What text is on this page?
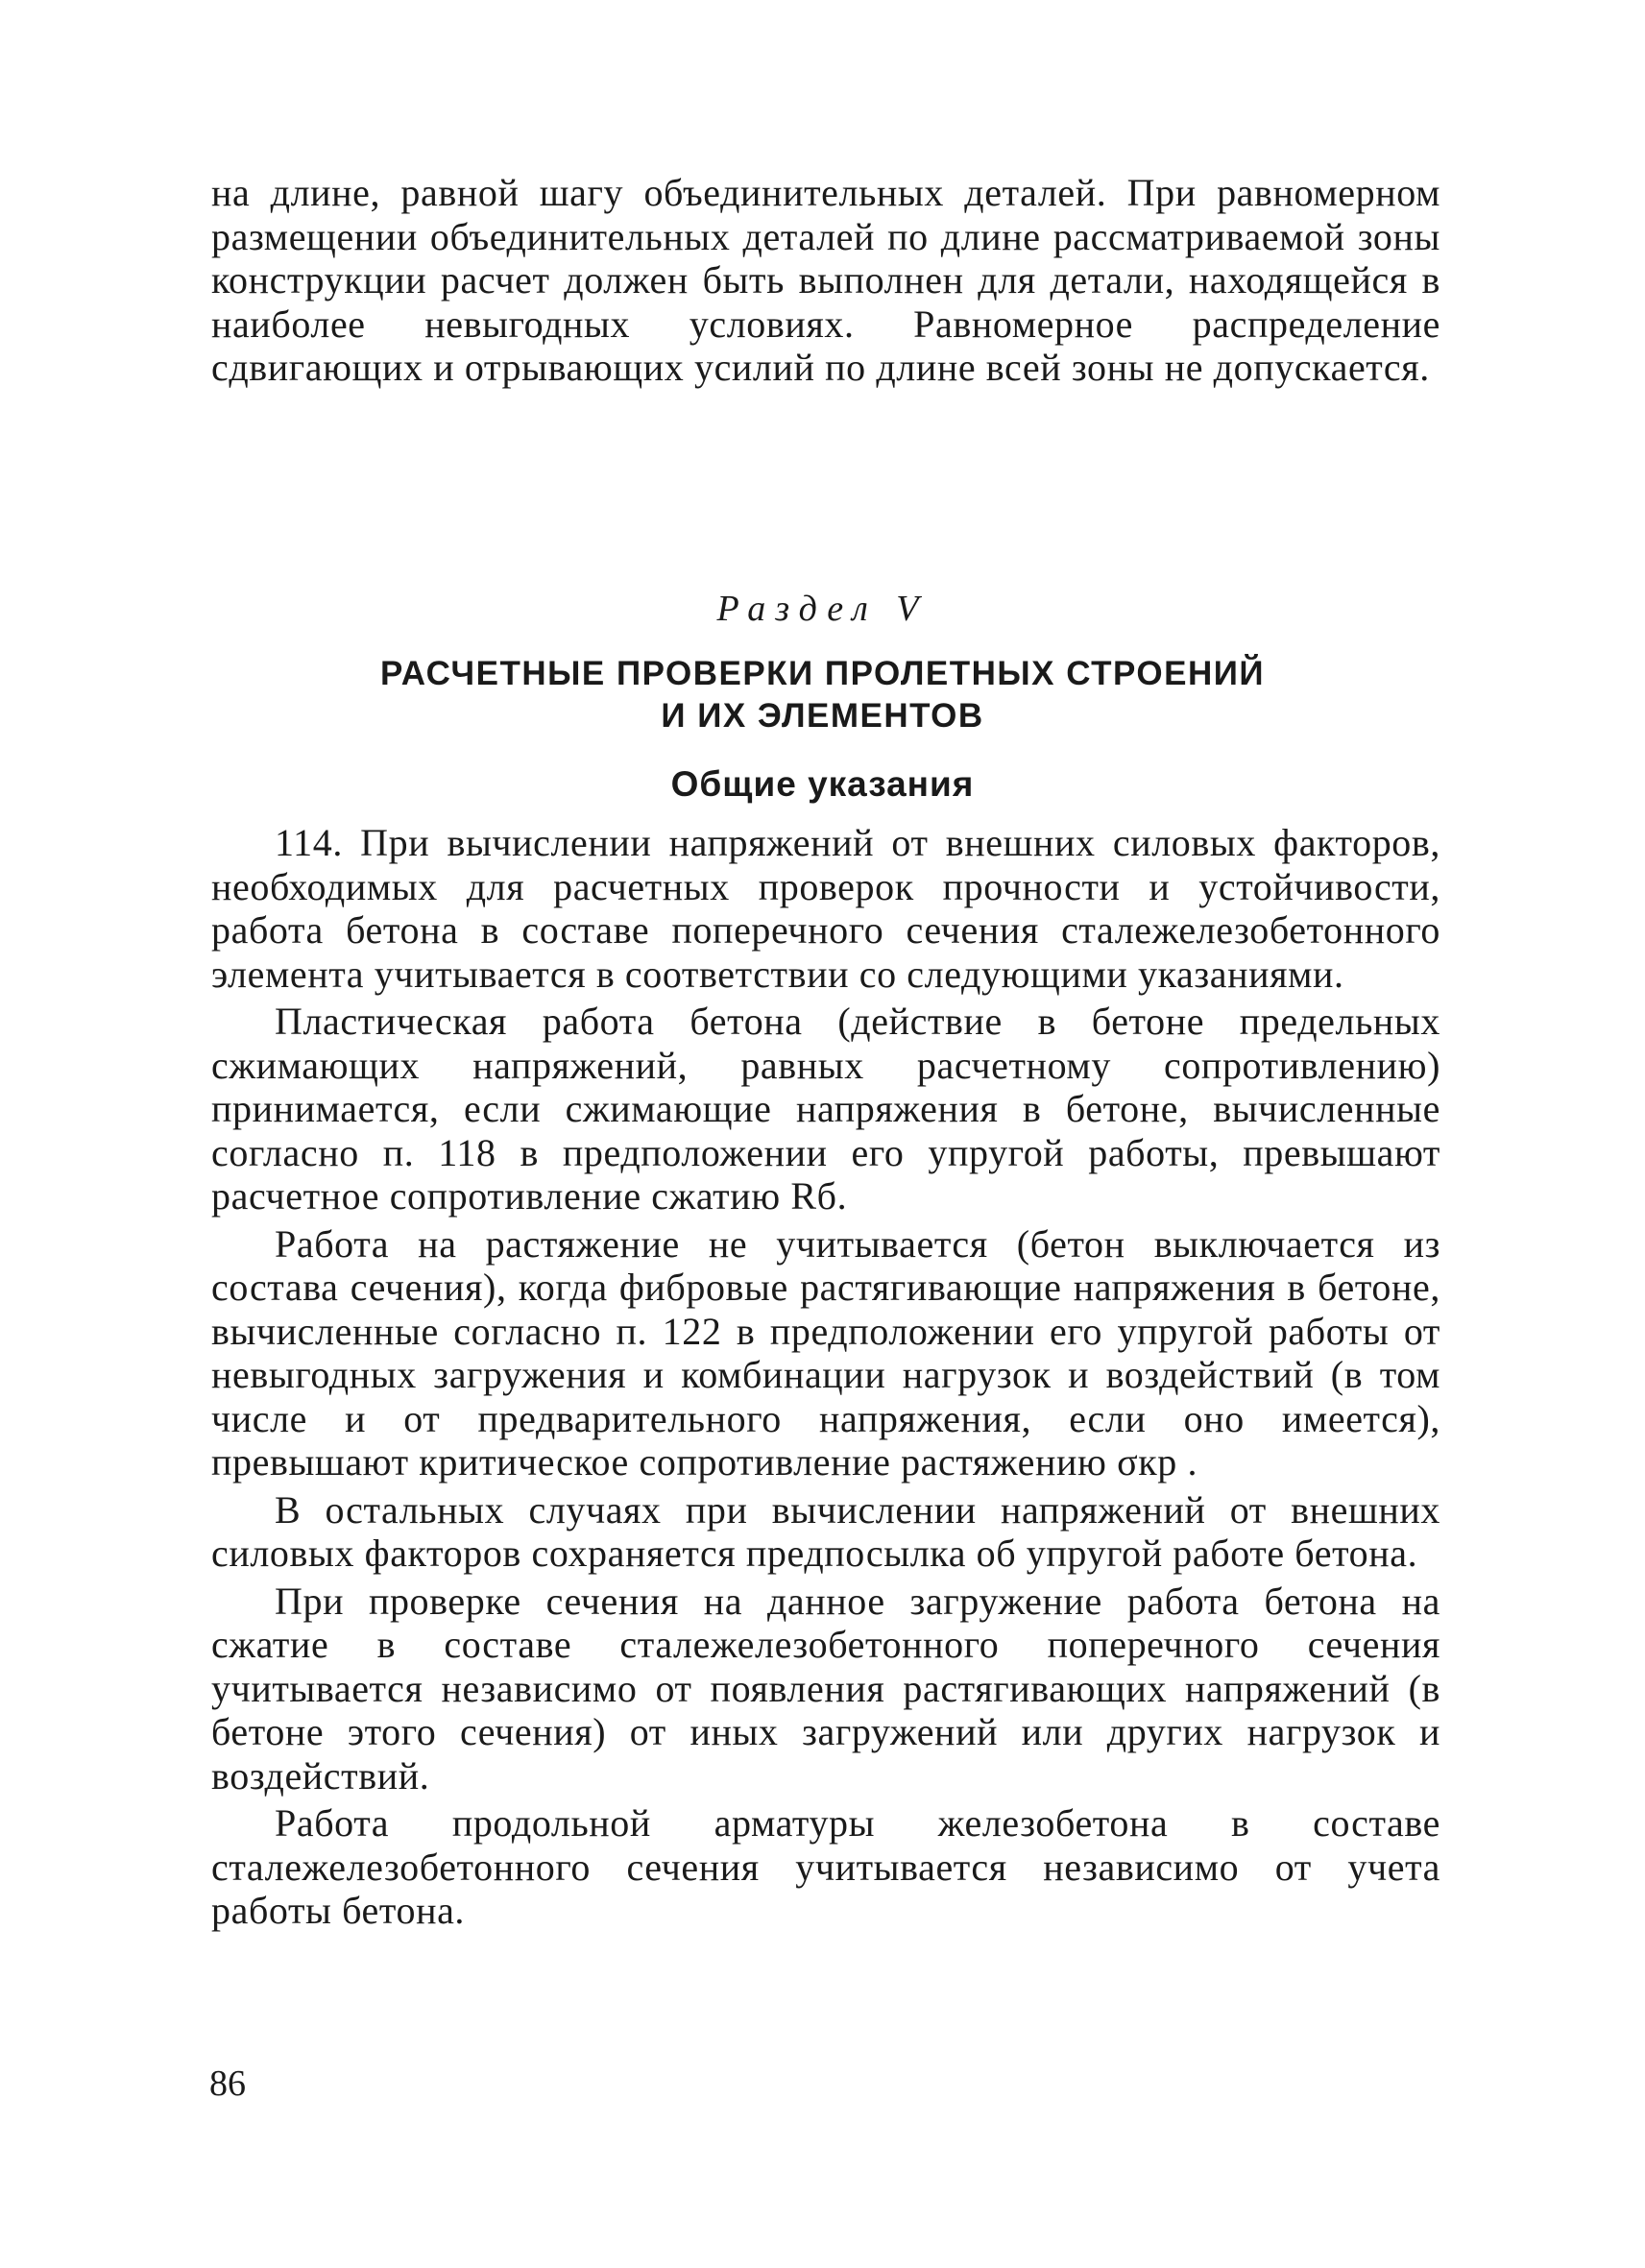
на длине, равной шагу объединительных деталей. При равномерном размещении объединительных деталей по длине рассматриваемой зоны конструкции расчет должен быть выполнен для детали, находящейся в наиболее невыгодных условиях. Равномерное распределение сдвигающих и отрывающих усилий по длине всей зоны не допускается.

Раздел V
РАСЧЕТНЫЕ ПРОВЕРКИ ПРОЛЕТНЫХ СТРОЕНИЙ
И ИХ ЭЛЕМЕНТОВ
Общие указания

114. При вычислении напряжений от внешних силовых факторов, необходимых для расчетных проверок прочности и устойчивости, работа бетона в составе поперечного сечения сталежелезобетонного элемента учитывается в соответствии со следующими указаниями.

Пластическая работа бетона (действие в бетоне предельных сжимающих напряжений, равных расчетному сопротивлению) принимается, если сжимающие напряжения в бетоне, вычисленные согласно п. 118 в предположении его упругой работы, превышают расчетное сопротивление сжатию Rб.

Работа на растяжение не учитывается (бетон выключается из состава сечения), когда фибровые растягивающие напряжения в бетоне, вычисленные согласно п. 122 в предположении его упругой работы от невыгодных загружения и комбинации нагрузок и воздействий (в том числе и от предварительного напряжения, если оно имеется), превышают критическое сопротивление растяжению σкр .

В остальных случаях при вычислении напряжений от внешних силовых факторов сохраняется предпосылка об упругой работе бетона.

При проверке сечения на данное загружение работа бетона на сжатие в составе сталежелезобетонного поперечного сечения учитывается независимо от появления растягивающих напряжений (в бетоне этого сечения) от иных загружений или других нагрузок и воздействий.

Работа продольной арматуры железобетона в составе сталежелезобетонного сечения учитывается независимо от учета работы бетона.

86
